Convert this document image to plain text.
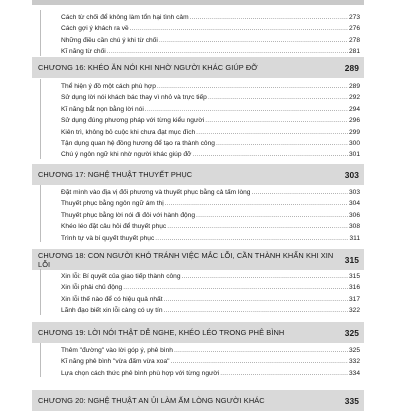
Cách từ chối để không làm tổn hại tình cảm .....	273
Cách gợi ý khách ra về .....	276
Những điều cần chú ý khi từ chối .....	278
Kĩ năng từ chối .....	281
CHƯƠNG 16: KHÉO ĂN NÓI KHI NHỜ NGƯỜI KHÁC GIÚP ĐỠ	289
Thể hiện ý đồ một cách phù hợp .....	289
Sử dụng lời nói khách bác thay vì nhỏ và trực tiếp .....	292
Kĩ năng bắt nọn bằng lời nói .....	294
Sử dụng đúng phương pháp với từng kiểu người .....	296
Kiên trì, không bỏ cuộc khi chưa đạt mục đích .....	299
Tận dụng quan hệ đồng hương để tạo ra thành công .....	300
Chú ý ngôn ngữ khi nhờ người khác giúp đỡ .....	301
CHƯƠNG 17: NGHỆ THUẬT THUYẾT PHỤC	303
Đặt mình vào địa vị đối phương và thuyết phục bằng cả tấm lòng .....	303
Thuyết phục bằng ngôn ngữ ám thị .....	304
Thuyết phục bằng lời nói đi đôi với hành động .....	306
Khéo léo đặt câu hỏi để thuyết phục .....	308
Trình tự và bí quyết thuyết phục .....	311
CHƯƠNG 18: CON NGƯỜI KHÓ TRÁNH VIỆC MẮC LỖI, CẦN THÀNH KHẨN KHI XIN LỖI	315
Xin lỗi: Bí quyết của giao tiếp thành công .....	315
Xin lỗi phải chủ động .....	316
Xin lỗi thế nào để có hiệu quả nhất .....	317
Lãnh đạo biết xin lỗi càng có uy tín .....	322
CHƯƠNG 19: LỜI NÓI THẬT DỄ NGHE, KHÉO LÉO TRONG PHÊ BÌNH	325
Thêm "đường" vào lời góp ý, phê bình .....	325
Kĩ năng phê bình "vừa đấm vừa xoa" .....	332
Lựa chọn cách thức phê bình phù hợp với từng người .....	334
CHƯƠNG 20: NGHỆ THUẬT AN ỦI LÀM ẤM LÒNG NGƯỜI KHÁC	335
